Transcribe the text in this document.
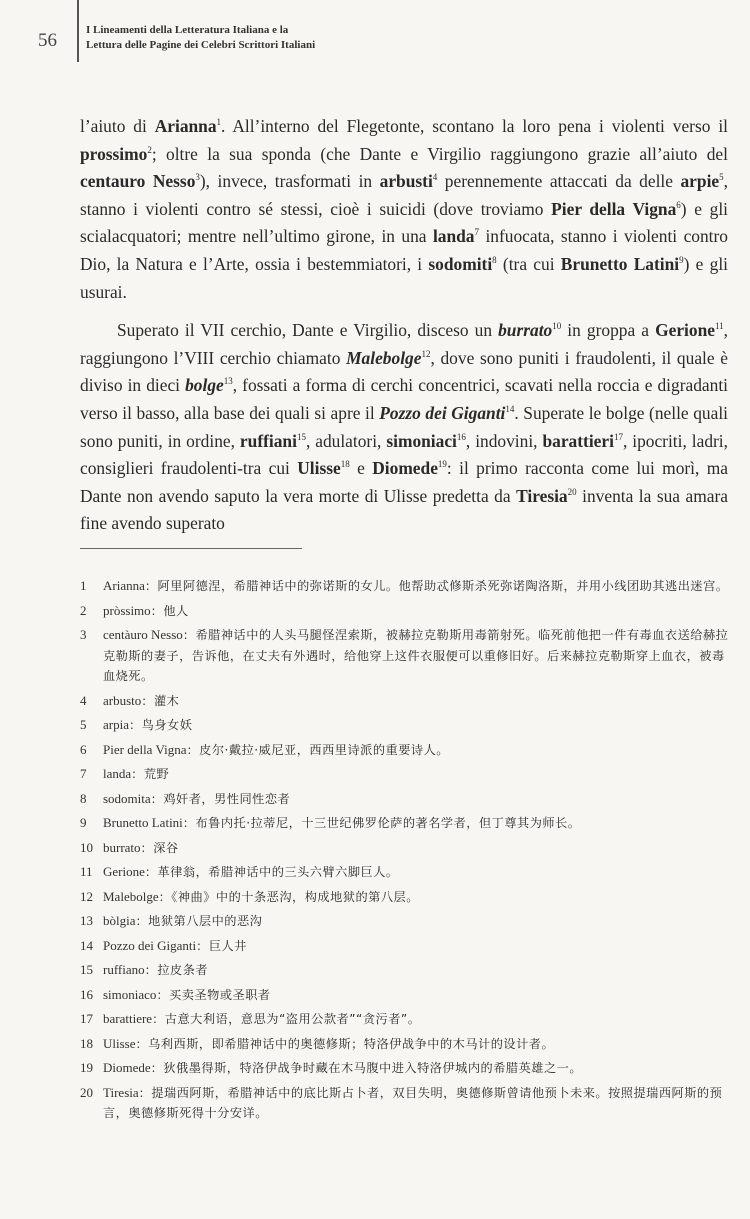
56	I Lineamenti della Letteratura Italiana e la
Lettura delle Pagine dei Celebri Scrittori Italiani

l’aiuto di Arianna$^1$. All’interno del Flegetonte, scontano la loro pena i violenti verso il prossimo$^2$; oltre la sua sponda (che Dante e Virgilio raggiungono grazie all’aiuto del centauro Nesso$^3$), invece, trasformati in arbusti$^4$ perennemente attaccati da delle arpie$^5$, stanno i violenti contro sé stessi, cioè i suicidi (dove troviamo Pier della Vigna$^6$) e gli scialacquatori; mentre nell’ultimo girone, in una landa$^7$ infuocata, stanno i violenti contro Dio, la Natura e l’Arte, ossia i bestemmiatori, i sodomiti$^8$ (tra cui Brunetto Latini$^9$) e gli usurai.

Superato il VII cerchio, Dante e Virgilio, disceso un burrato$^{10}$ in groppa a Gerione$^{11}$, raggiungono l’VIII cerchio chiamato Malebolge$^{12}$, dove sono puniti i fraudolenti, il quale è diviso in dieci bolge$^{13}$, fossati a forma di cerchi concentrici, scavati nella roccia e digradanti verso il basso, alla base dei quali si apre il Pozzo dei Giganti$^{14}$. Superate le bolge (nelle quali sono puniti, in ordine, ruffiani$^{15}$, adulatori, simoniaci$^{16}$, indovini, barattieri$^{17}$, ipocriti, ladri, consiglieri fraudolenti-tra cui Ulisse$^{18}$ e Diomede$^{19}$: il primo racconta come lui morì, ma Dante non avendo saputo la vera morte di Ulisse predetta da Tiresia$^{20}$ inventa la sua amara fine avendo superato

1	Arianna：阿里阿德涅，希腊神话中的弥诺斯的女儿。他帮助忒修斯杀死弥诺陶洛斯，并用小线团助其逃出迷宫。
2	pròssimo：他人
3	centàuro Nesso：希腊神话中的人头马腿怪涅索斯，被赫拉克勒斯用毒箭射死。临死前他把一件有毒血衣送给赫拉克勒斯的妻子，告诉他，在丈夫有外遇时，给他穿上这件衣服便可以重修旧好。后来赫拉克勒斯穿上血衣，被毒血烧死。
4	arbusto：灌木
5	arpia：鸟身女妖
6	Pier della Vigna：皮尔·戴拉·威尼亚，西西里诗派的重要诗人。
7	landa：荒野
8	sodomita：鸡奸者，男性同性恋者
9	Brunetto Latini：布鲁内托·拉蒂尼，十三世纪佛罗伦萨的著名学者，但丁尊其为师长。
10 burrato：深谷
11 Gerione：革律翁，希腊神话中的三头六臂六脚巨人。
12 Malebolge：《神曲》中的十条恶沟，构成地狱的第八层。
13 bòlgia：地狱第八层中的恶沟
14 Pozzo dei Giganti：巨人井
15 ruffiano：拉皮条者
16 simoniaco：买卖圣物或圣职者
17 barattiere：古意大利语，意思为“盗用公款者”“贪污者”。
18 Ulisse：乌利西斯，即希腊神话中的奥德修斯；特洛伊战争中的木马计的设计者。
19 Diomede：狄俄墨得斯，特洛伊战争时藏在木马腹中进入特洛伊城内的希腊英雄之一。
20 Tiresia：提瑞西阿斯，希腊神话中的底比斯占卜者，双目失明，奥德修斯曾请他预卜未来。按照提瑞西阿斯的预言，奥德修斯死得十分安详。
